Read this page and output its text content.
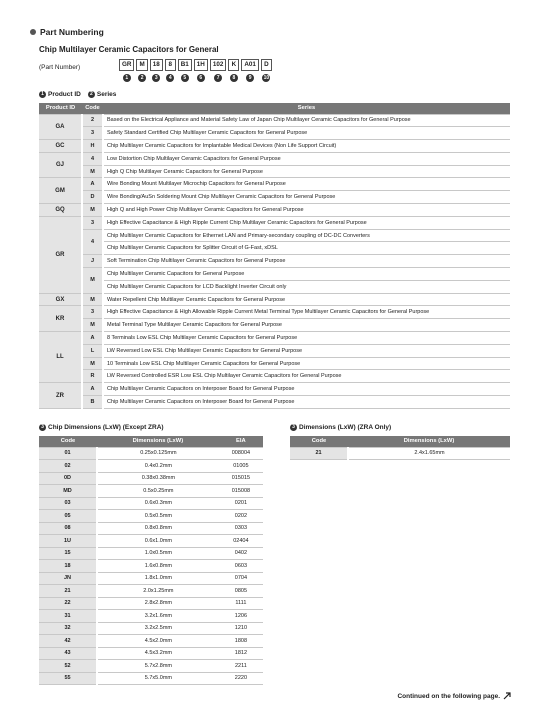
Part Numbering
Chip Multilayer Ceramic Capacitors for General
(Part Number)	GR	M	18	8	B1	1H	102	K	A01	D
1	2	3	4	5	6	7	8	9	10
1 Product ID	2 Series
Product ID	Code	Series
GA	2	Based on the Electrical Appliance and Material Safety Law of Japan Chip Multilayer Ceramic Capacitors for General Purpose
	3	Safety Standard Certified Chip Multilayer Ceramic Capacitors for General Purpose
GC	H	Chip Multilayer Ceramic Capacitors for Implantable Medical Devices (Non Life Support Circuit)
GJ	4	Low Distortion Chip Multilayer Ceramic Capacitors for General Purpose
	M	High Q Chip Multilayer Ceramic Capacitors for General Purpose
GM	A	Wire Bonding Mount Multilayer Microchip Capacitors for General Purpose
	D	Wire Bonding/AuSn Soldering Mount Chip Multilayer Ceramic Capacitors for General Purpose
GQ	M	High Q and High Power Chip Multilayer Ceramic Capacitors for General Purpose
GR	3	High Effective Capacitance & High Ripple Current Chip Multilayer Ceramic Capacitors for General Purpose
	4	Chip Multilayer Ceramic Capacitors for Ethernet LAN and Primary-secondary coupling of DC-DC Converters
		Chip Multilayer Ceramic Capacitors for Splitter Circuit of G-Fast, xDSL
	J	Soft Termination Chip Multilayer Ceramic Capacitors for General Purpose
	M	Chip Multilayer Ceramic Capacitors for General Purpose
		Chip Multilayer Ceramic Capacitors for LCD Backlight Inverter Circuit only
GX	M	Water Repellent Chip Multilayer Ceramic Capacitors for General Purpose
KR	3	High Effective Capacitance & High Allowable Ripple Current Metal Terminal Type Multilayer Ceramic Capacitors for General Purpose
	M	Metal Terminal Type Multilayer Ceramic Capacitors for General Purpose
LL	A	8 Terminals Low ESL Chip Multilayer Ceramic Capacitors for General Purpose
	L	LW Reversed Low ESL Chip Multilayer Ceramic Capacitors for General Purpose
	M	10 Terminals Low ESL Chip Multilayer Ceramic Capacitors for General Purpose
	R	LW Reversed Controlled ESR Low ESL Chip Multilayer Ceramic Capacitors for General Purpose
ZR	A	Chip Multilayer Ceramic Capacitors on Interposer Board for General Purpose
	B	Chip Multilayer Ceramic Capacitors on Interposer Board for General Purpose
3 Chip Dimensions (LxW) (Except ZRA)
Code	Dimensions (LxW)	EIA
01	0.25x0.125mm	008004
02	0.4x0.2mm	01005
0D	0.38x0.38mm	015015
MD	0.5x0.25mm	015008
03	0.6x0.3mm	0201
05	0.5x0.5mm	0202
08	0.8x0.8mm	0303
1U	0.6x1.0mm	02404
15	1.0x0.5mm	0402
18	1.6x0.8mm	0603
JN	1.8x1.0mm	0704
21	2.0x1.25mm	0805
22	2.8x2.8mm	1111
31	3.2x1.6mm	1206
32	3.2x2.5mm	1210
42	4.5x2.0mm	1808
43	4.5x3.2mm	1812
52	5.7x2.8mm	2211
55	5.7x5.0mm	2220
3 Dimensions (LxW) (ZRA Only)
Code	Dimensions (LxW)
21	2.4x1.65mm
Continued on the following page.
